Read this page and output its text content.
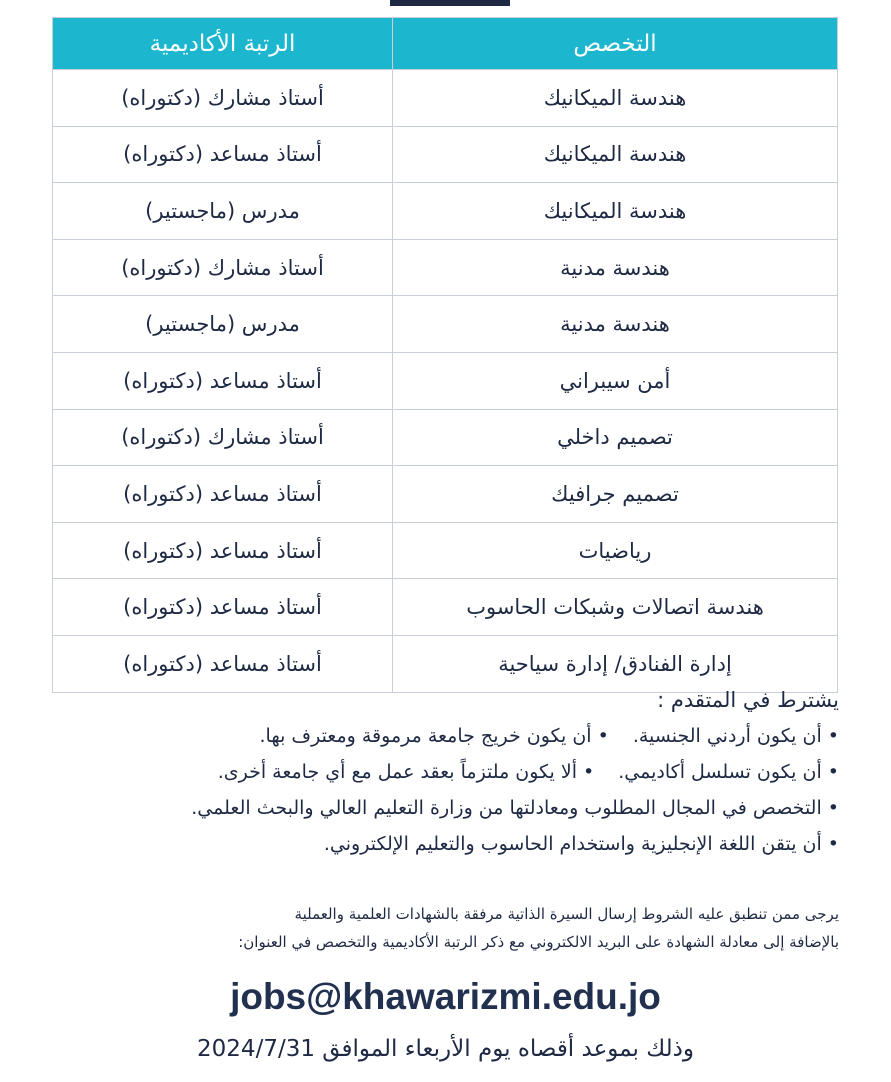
التخصص	الرتبة الأكاديمية
هندسة الميكانيك	أستاذ مشارك (دكتوراه)
هندسة الميكانيك	أستاذ مساعد (دكتوراه)
هندسة الميكانيك	مدرس (ماجستير)
هندسة مدنية	أستاذ مشارك (دكتوراه)
هندسة مدنية	مدرس (ماجستير)
أمن سيبراني	أستاذ مساعد (دكتوراه)
تصميم داخلي	أستاذ مشارك (دكتوراه)
تصميم جرافيك	أستاذ مساعد (دكتوراه)
رياضيات	أستاذ مساعد (دكتوراه)
هندسة اتصالات وشبكات الحاسوب	أستاذ مساعد (دكتوراه)
إدارة الفنادق/ إدارة سياحية	أستاذ مساعد (دكتوراه)
يشترط في المتقدم :
• أن يكون أردني الجنسية.• أن يكون خريج جامعة مرموقة ومعترف بها.
• أن يكون تسلسل أكاديمي.• ألا يكون ملتزماً بعقد عمل مع أي جامعة أخرى.
• التخصص في المجال المطلوب ومعادلتها من وزارة التعليم العالي والبحث العلمي.
• أن يتقن اللغة الإنجليزية واستخدام الحاسوب والتعليم الإلكتروني.
يرجى ممن تنطبق عليه الشروط إرسال السيرة الذاتية مرفقة بالشهادات العلمية والعملية
بالإضافة إلى معادلة الشهادة على البريد الالكتروني مع ذكر الرتبة الأكاديمية والتخصص في العنوان:
jobs@khawarizmi.edu.jo
وذلك بموعد أقصاه يوم الأربعاء الموافق 2024/7/31
